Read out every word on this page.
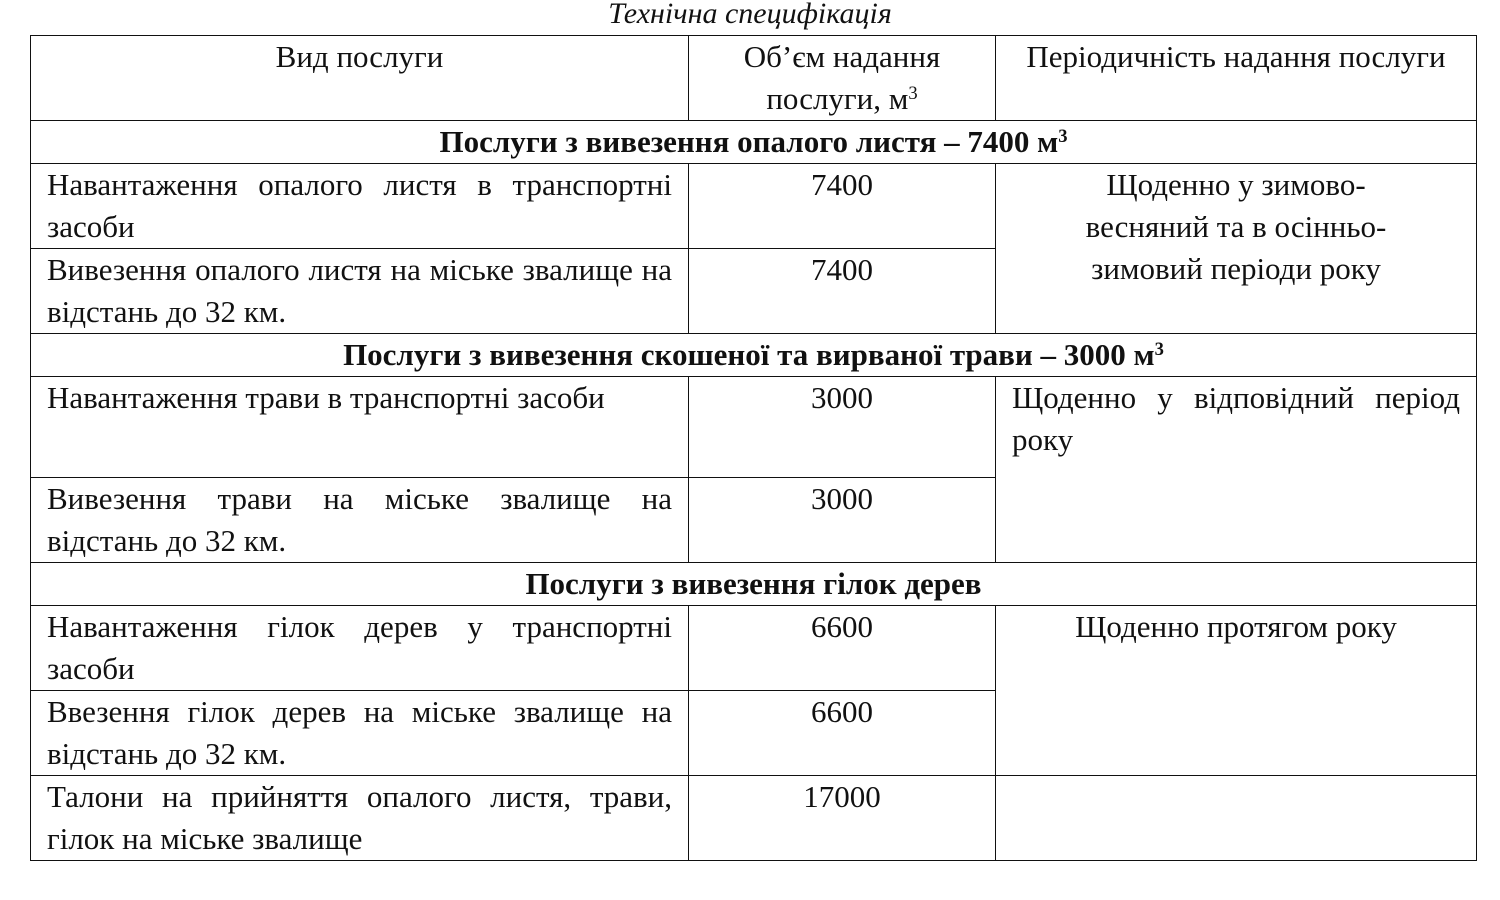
Технічна специфікація
Вид послуги	Об’єм надання послуги, $м^3$	Періодичність надання послуги
Послуги з вивезення опалого листя – 7400 $м^3$
Навантаження опалого листя в транспортні засоби	7400	Щоденно у зимово-весняний та в осінньо-зимовий періоди року
Вивезення опалого листя на міське звалище на відстань до 32 км.	7400	
Послуги з вивезення скошеної та вирваної трави – 3000 $м^3$
Навантаження трави в транспортні засоби	3000	Щоденно у відповідний період року
Вивезення трави на міське звалище на відстань до 32 км.	3000	
Послуги з вивезення гілок дерев		
Навантаження гілок дерев у транспортні засоби	6600	Щоденно протягом року
Ввезення гілок дерев на міське звалище на відстань до 32 км.	6600	
Талони на прийняття опалого листя, трави, гілок на міське звалище	17000	
